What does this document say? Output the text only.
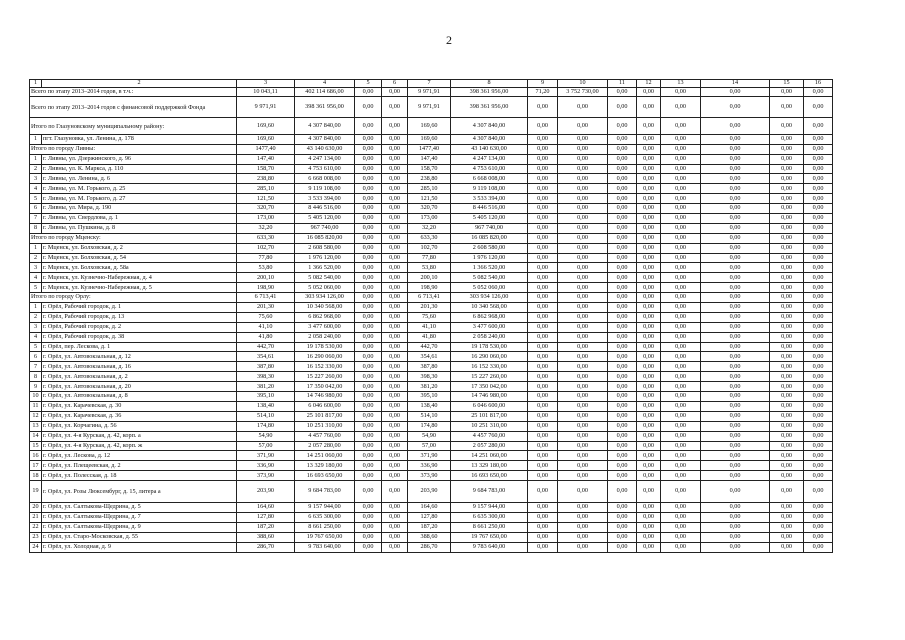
2
1	2	3	4	5	6	7	8	9	10	11	12	13	14	15	16
Всего по этапу 2013–2014 годов, в т.ч.:		10 043,11	402 114 686,00	0,00	0,00	9 971,91	398 361 956,00	71,20	3 752 730,00	0,00	0,00	0,00	0,00	0,00	0,00
Всего по этапу 2013–2014 годов с финансовой поддержкой Фонда		9 971,91	398 361 956,00	0,00	0,00	9 971,91	398 361 956,00	0,00	0,00	0,00	0,00	0,00	0,00	0,00	0,00
Итого по Глазуновскому муниципальному району:		169,60	4 307 840,00	0,00	0,00	169,60	4 307 840,00	0,00	0,00	0,00	0,00	0,00	0,00	0,00	0,00
1	пгт. Глазуновка, ул. Ленина, д. 178	169,60	4 307 840,00	0,00	0,00	169,60	4 307 840,00	0,00	0,00	0,00	0,00	0,00	0,00	0,00	0,00
Итого по городу Ливны:		1477,40	43 140 630,00	0,00	0,00	1477,40	43 140 630,00	0,00	0,00	0,00	0,00	0,00	0,00	0,00	0,00
1	г. Ливны, ул. Дзержинского, д. 96	147,40	4 247 134,00	0,00	0,00	147,40	4 247 134,00	0,00	0,00	0,00	0,00	0,00	0,00	0,00	0,00
2	г. Ливны, ул. К. Маркса, д. 110	158,70	4 753 610,00	0,00	0,00	158,70	4 753 610,00	0,00	0,00	0,00	0,00	0,00	0,00	0,00	0,00
3	г. Ливны, ул. Ленина, д. 6	238,80	6 668 008,00	0,00	0,00	238,80	6 668 008,00	0,00	0,00	0,00	0,00	0,00	0,00	0,00	0,00
4	г. Ливны, ул. М. Горького, д. 25	285,10	9 119 108,00	0,00	0,00	285,10	9 119 108,00	0,00	0,00	0,00	0,00	0,00	0,00	0,00	0,00
5	г. Ливны, ул. М. Горького, д. 27	121,50	3 533 394,00	0,00	0,00	121,50	3 533 394,00	0,00	0,00	0,00	0,00	0,00	0,00	0,00	0,00
6	г. Ливны, ул. Мира, д. 190	320,70	8 446 516,00	0,00	0,00	320,70	8 446 516,00	0,00	0,00	0,00	0,00	0,00	0,00	0,00	0,00
7	г. Ливны, ул. Свердлова, д. 1	173,00	5 405 120,00	0,00	0,00	173,00	5 405 120,00	0,00	0,00	0,00	0,00	0,00	0,00	0,00	0,00
8	г. Ливны, ул. Пушкина, д. 8	32,20	967 740,00	0,00	0,00	32,20	967 740,00	0,00	0,00	0,00	0,00	0,00	0,00	0,00	0,00
Итого по городу Мценску:		633,30	16 085 820,00	0,00	0,00	633,30	16 085 820,00	0,00	0,00	0,00	0,00	0,00	0,00	0,00	0,00
1	г. Мценск, ул. Болховская, д. 2	102,70	2 608 580,00	0,00	0,00	102,70	2 608 580,00	0,00	0,00	0,00	0,00	0,00	0,00	0,00	0,00
2	г. Мценск, ул. Болховская, д. 54	77,80	1 976 120,00	0,00	0,00	77,80	1 976 120,00	0,00	0,00	0,00	0,00	0,00	0,00	0,00	0,00
3	г. Мценск, ул. Болховская, д. 58а	53,80	1 366 520,00	0,00	0,00	53,80	1 366 520,00	0,00	0,00	0,00	0,00	0,00	0,00	0,00	0,00
4	г. Мценск, ул. Кузнечно-Набережная, д. 4	200,10	5 082 540,00	0,00	0,00	200,10	5 082 540,00	0,00	0,00	0,00	0,00	0,00	0,00	0,00	0,00
5	г. Мценск, ул. Кузнечно-Набережная, д. 5	198,90	5 052 060,00	0,00	0,00	198,90	5 052 060,00	0,00	0,00	0,00	0,00	0,00	0,00	0,00	0,00
Итого по городу Орлу:		6 713,41	303 934 126,00	0,00	0,00	6 713,41	303 934 126,00	0,00	0,00	0,00	0,00	0,00	0,00	0,00	0,00
1	г. Орёл, Рабочий городок, д. 1	201,30	10 340 568,00	0,00	0,00	201,30	10 340 568,00	0,00	0,00	0,00	0,00	0,00	0,00	0,00	0,00
2	г. Орёл, Рабочий городок, д. 13	75,60	6 862 968,00	0,00	0,00	75,60	6 862 968,00	0,00	0,00	0,00	0,00	0,00	0,00	0,00	0,00
3	г. Орёл, Рабочий городок, д. 2	41,10	3 477 600,00	0,00	0,00	41,10	3 477 600,00	0,00	0,00	0,00	0,00	0,00	0,00	0,00	0,00
4	г. Орёл, Рабочий городок, д. 38	41,80	2 058 240,00	0,00	0,00	41,80	2 058 240,00	0,00	0,00	0,00	0,00	0,00	0,00	0,00	0,00
5	г. Орёл, пер. Лескова, д. 1	442,70	19 178 530,00	0,00	0,00	442,70	19 178 530,00	0,00	0,00	0,00	0,00	0,00	0,00	0,00	0,00
6	г. Орёл, ул. Автовокзальная, д. 12	354,61	16 290 060,00	0,00	0,00	354,61	16 290 060,00	0,00	0,00	0,00	0,00	0,00	0,00	0,00	0,00
7	г. Орёл, ул. Автовокзальная, д. 16	387,80	16 152 330,00	0,00	0,00	387,80	16 152 330,00	0,00	0,00	0,00	0,00	0,00	0,00	0,00	0,00
8	г. Орёл, ул. Автовокзальная, д. 2	398,30	15 227 260,00	0,00	0,00	398,30	15 227 260,00	0,00	0,00	0,00	0,00	0,00	0,00	0,00	0,00
9	г. Орёл, ул. Автовокзальная, д. 20	381,20	17 350 042,00	0,00	0,00	381,20	17 350 042,00	0,00	0,00	0,00	0,00	0,00	0,00	0,00	0,00
10	г. Орёл, ул. Автовокзальная, д. 8	395,10	14 746 980,00	0,00	0,00	395,10	14 746 980,00	0,00	0,00	0,00	0,00	0,00	0,00	0,00	0,00
11	г. Орёл, ул. Карачевская, д. 30	138,40	6 046 600,00	0,00	0,00	138,40	6 046 600,00	0,00	0,00	0,00	0,00	0,00	0,00	0,00	0,00
12	г. Орёл, ул. Карачевская, д. 36	514,10	25 101 817,00	0,00	0,00	514,10	25 101 817,00	0,00	0,00	0,00	0,00	0,00	0,00	0,00	0,00
13	г. Орёл, ул. Корчагина, д. 56	174,80	10 251 310,00	0,00	0,00	174,80	10 251 310,00	0,00	0,00	0,00	0,00	0,00	0,00	0,00	0,00
14	г. Орёл, ул. 4-я Курская, д. 42, корп. а	54,90	4 457 760,00	0,00	0,00	54,90	4 457 760,00	0,00	0,00	0,00	0,00	0,00	0,00	0,00	0,00
15	г. Орёл, ул. 4-я Курская, д. 42, корп. ж	57,00	2 057 280,00	0,00	0,00	57,00	2 057 280,00	0,00	0,00	0,00	0,00	0,00	0,00	0,00	0,00
16	г. Орёл, ул. Лескова, д. 12	371,90	14 251 060,00	0,00	0,00	371,90	14 251 060,00	0,00	0,00	0,00	0,00	0,00	0,00	0,00	0,00
17	г. Орёл, ул. Плещеевская, д. 2	336,90	13 329 180,00	0,00	0,00	336,90	13 329 180,00	0,00	0,00	0,00	0,00	0,00	0,00	0,00	0,00
18	г. Орёл, ул. Полесская, д. 18	373,90	16 693 650,00	0,00	0,00	373,90	16 693 650,00	0,00	0,00	0,00	0,00	0,00	0,00	0,00	0,00
19	г. Орёл, ул. Розы Люксембург, д. 15, литера а	203,90	9 684 783,00	0,00	0,00	203,90	9 684 783,00	0,00	0,00	0,00	0,00	0,00	0,00	0,00	0,00
20	г. Орёл, ул. Салтыкова-Щедрина, д. 5	164,60	9 157 944,00	0,00	0,00	164,60	9 157 944,00	0,00	0,00	0,00	0,00	0,00	0,00	0,00	0,00
21	г. Орёл, ул. Салтыкова-Щедрина, д. 7	127,80	6 635 300,00	0,00	0,00	127,80	6 635 300,00	0,00	0,00	0,00	0,00	0,00	0,00	0,00	0,00
22	г. Орёл, ул. Салтыкова-Щедрина, д. 9	187,20	8 661 250,00	0,00	0,00	187,20	8 661 250,00	0,00	0,00	0,00	0,00	0,00	0,00	0,00	0,00
23	г. Орёл, ул. Старо-Московская, д. 55	388,60	19 767 650,00	0,00	0,00	388,60	19 767 650,00	0,00	0,00	0,00	0,00	0,00	0,00	0,00	0,00
24	г. Орёл, ул. Холодная, д. 9	286,70	9 783 640,00	0,00	0,00	286,70	9 783 640,00	0,00	0,00	0,00	0,00	0,00	0,00	0,00	0,00
